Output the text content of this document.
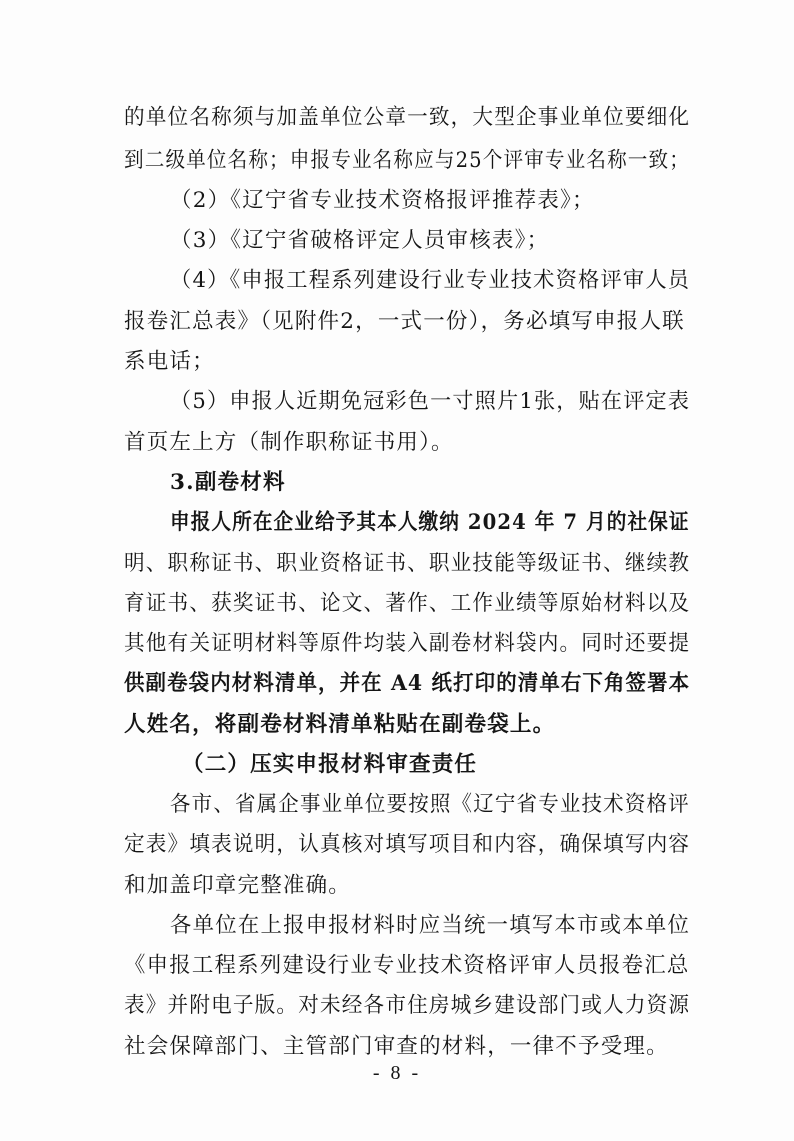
的单位名称须与加盖单位公章一致，大型企事业单位要细化
到二级单位名称；申报专业名称应与25个评审专业名称一致；
（2）《辽宁省专业技术资格报评推荐表》；
（3）《辽宁省破格评定人员审核表》；
（4）《申报工程系列建设行业专业技术资格评审人员
报卷汇总表》（见附件2，一式一份），务必填写申报人联
系电话；
（5）申报人近期免冠彩色一寸照片1张，贴在评定表
首页左上方（制作职称证书用）。
3.副卷材料
申报人所在企业给予其本人缴纳 2024 年 7 月的社保证
明、职称证书、职业资格证书、职业技能等级证书、继续教
育证书、获奖证书、论文、著作、工作业绩等原始材料以及
其他有关证明材料等原件均装入副卷材料袋内。同时还要提
供副卷袋内材料清单，并在 A4 纸打印的清单右下角签署本
人姓名，将副卷材料清单粘贴在副卷袋上。
（二）压实申报材料审查责任
各市、省属企事业单位要按照《辽宁省专业技术资格评
定表》填表说明，认真核对填写项目和内容，确保填写内容
和加盖印章完整准确。
各单位在上报申报材料时应当统一填写本市或本单位
《申报工程系列建设行业专业技术资格评审人员报卷汇总
表》并附电子版。对未经各市住房城乡建设部门或人力资源
社会保障部门、主管部门审查的材料，一律不予受理。
- 8 -
